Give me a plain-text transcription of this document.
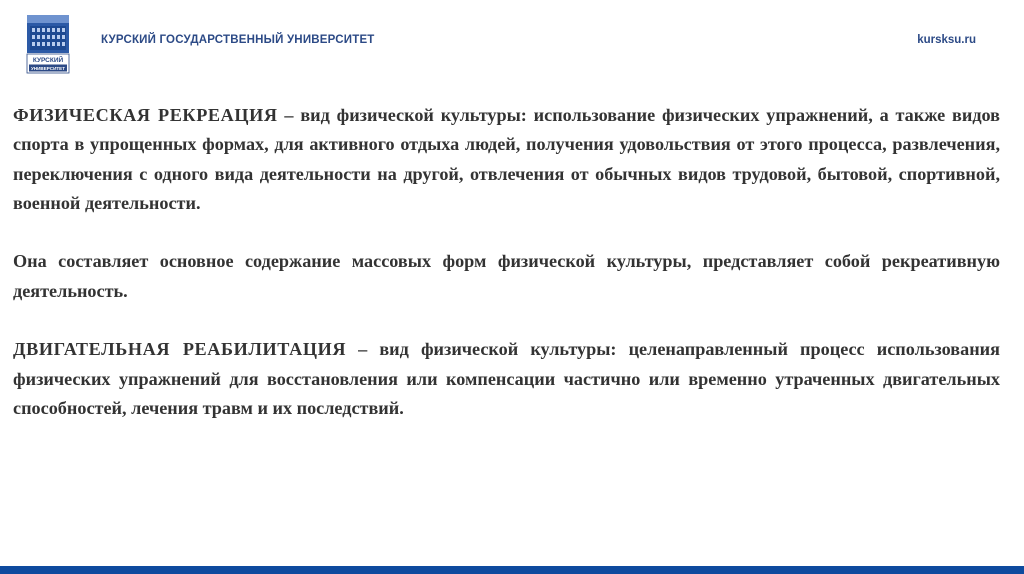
КУРСКИЙ
УНИВЕРСИТЕТ
КУРСКИЙ ГОСУДАРСТВЕННЫЙ УНИВЕРСИТЕТ	kursksu.ru

ФИЗИЧЕСКАЯ РЕКРЕАЦИЯ – вид физической культуры: использование физических упражнений, а также видов спорта в упрощенных формах, для активного отдыха людей, получения удовольствия от этого процесса, развлечения, переключения с одного вида деятельности на другой, отвлечения от обычных видов трудовой, бытовой, спортивной, военной деятельности.

Она составляет основное содержание массовых форм физической культуры, представляет собой рекреативную деятельность.

ДВИГАТЕЛЬНАЯ РЕАБИЛИТАЦИЯ – вид физической культуры: целенаправленный процесс использования физических упражнений для восстановления или компенсации частично или временно утраченных двигательных способностей, лечения травм и их последствий.
